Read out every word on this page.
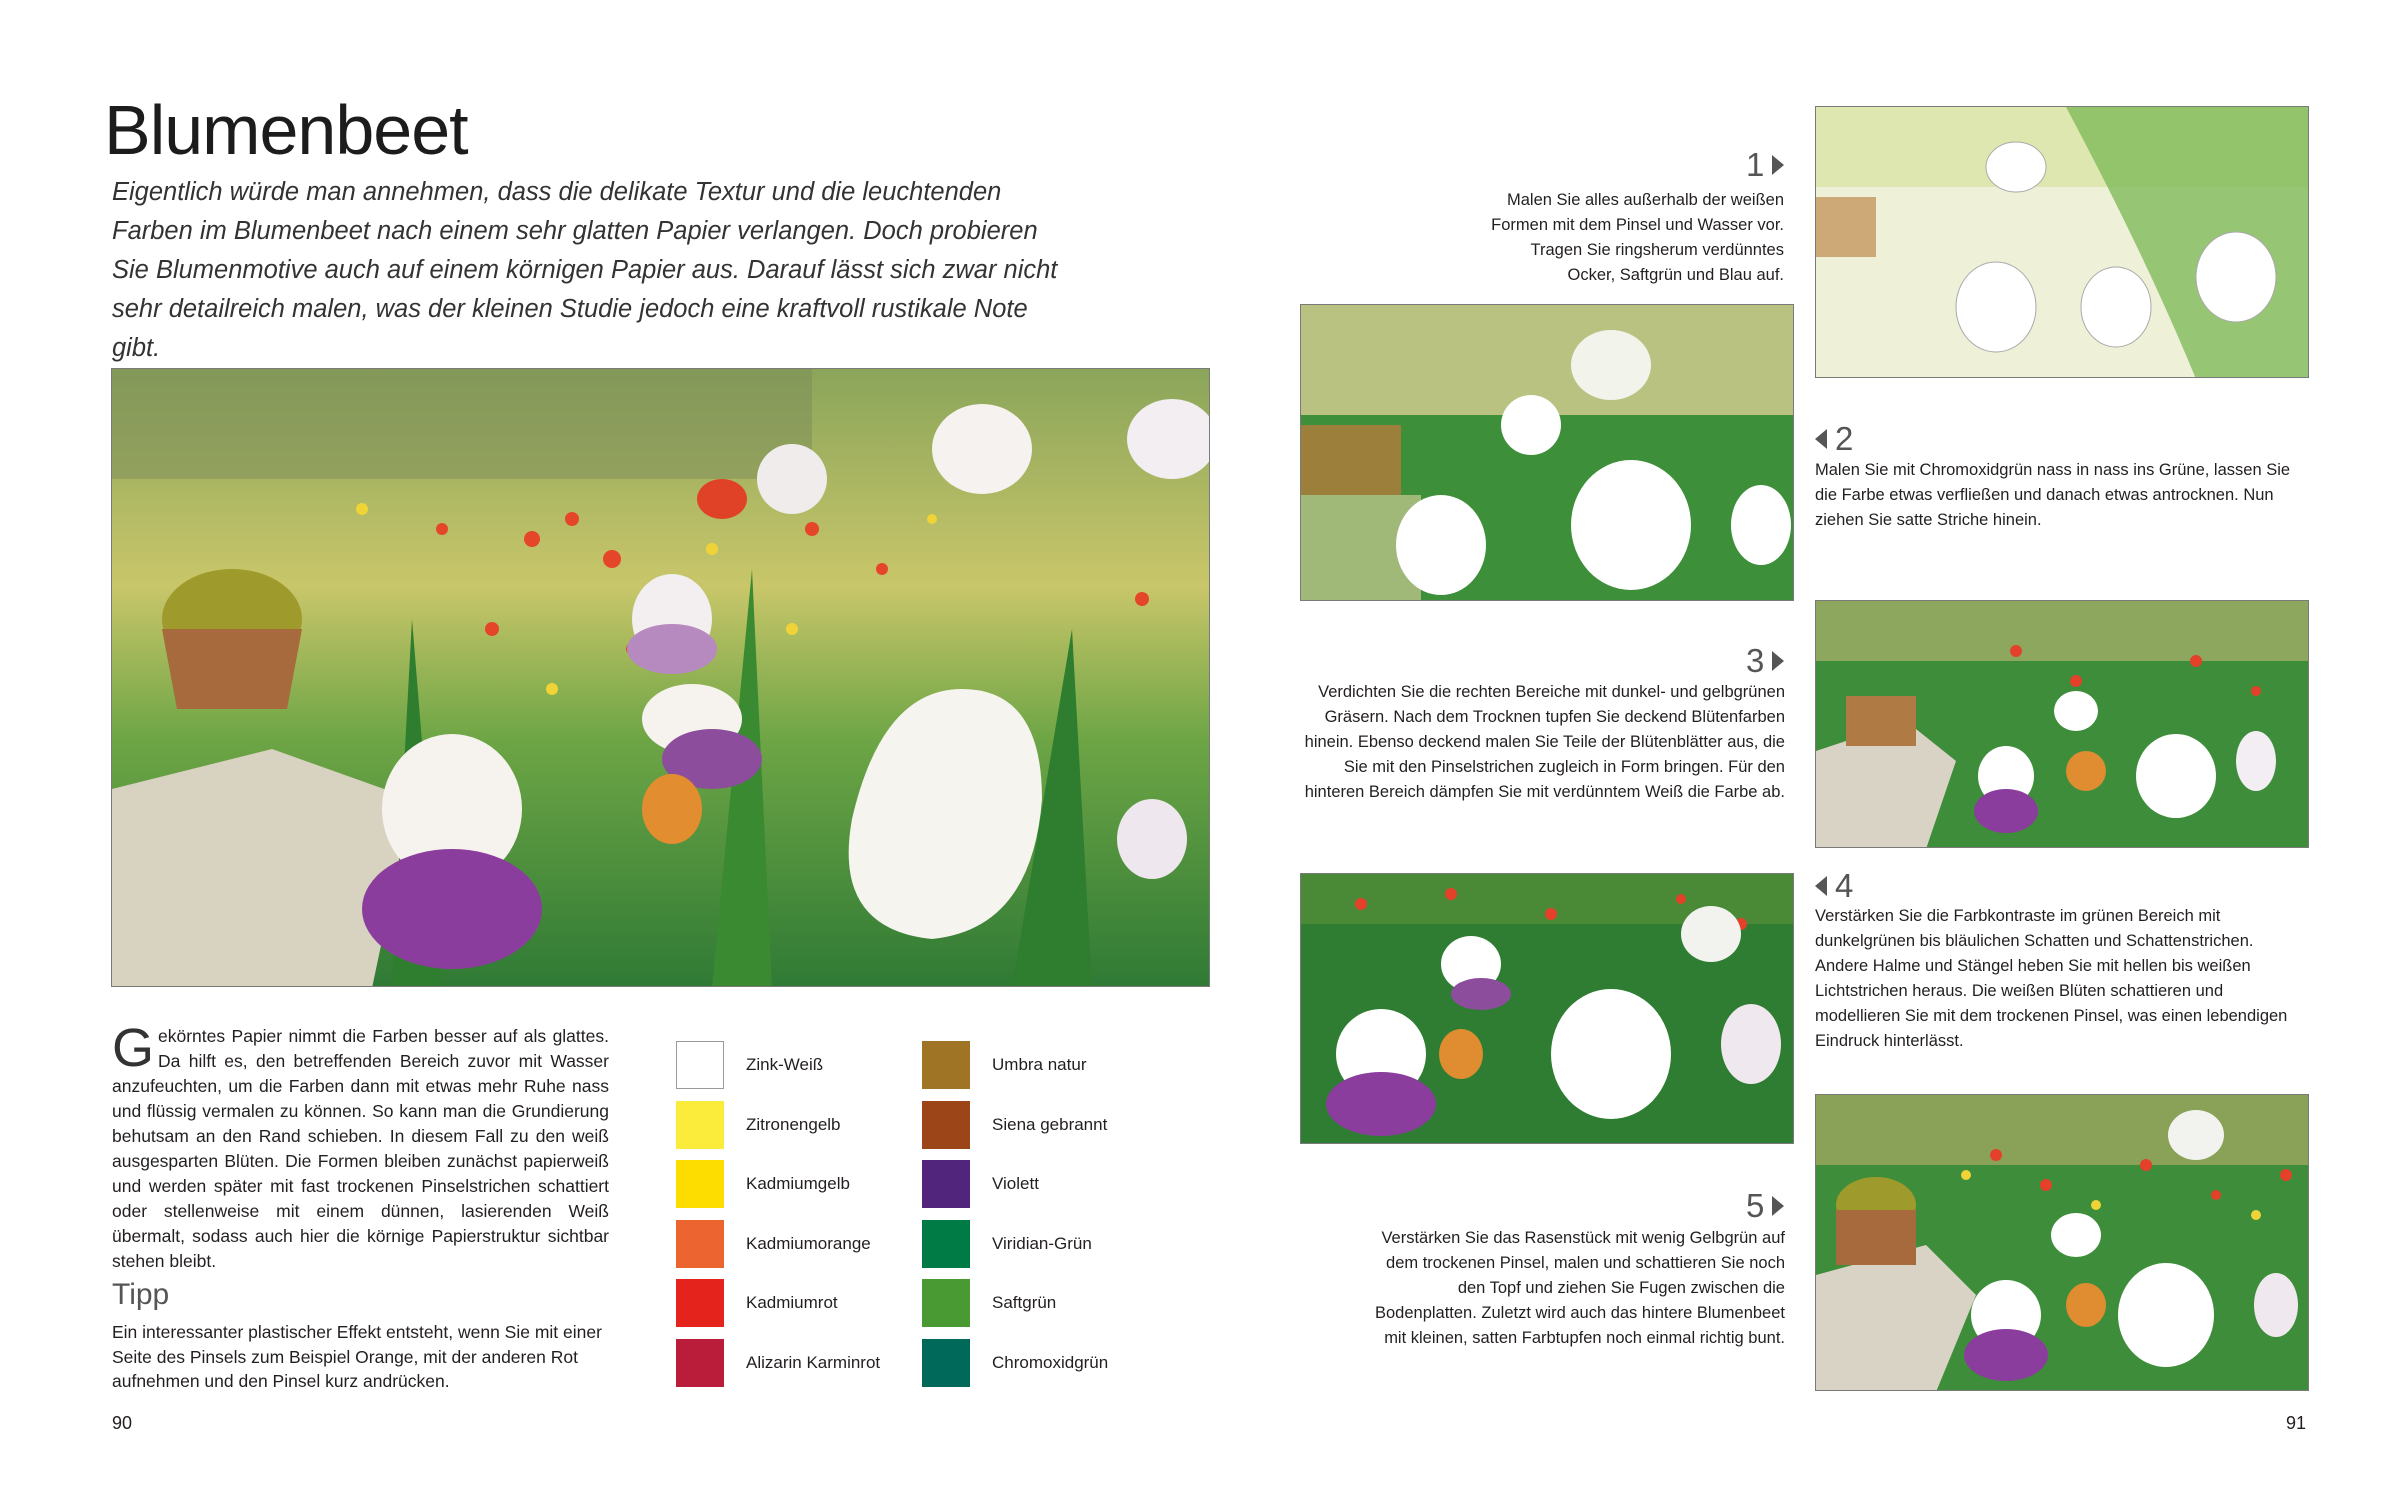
Blumenbeet
Eigentlich würde man annehmen, dass die delikate Textur und die leuchtenden Farben im Blumenbeet nach einem sehr glatten Papier verlangen. Doch probieren Sie Blumenmotive auch auf einem körnigen Papier aus. Darauf lässt sich zwar nicht sehr detailreich malen, was der kleinen Studie jedoch eine kraftvoll rustikale Note gibt.
Gekörntes Papier nimmt die Farben besser auf als glattes. Da hilft es, den betreffenden Bereich zuvor mit Wasser anzufeuchten, um die Farben dann mit etwas mehr Ruhe nass und flüssig vermalen zu können. So kann man die Grundierung behutsam an den Rand schieben. In diesem Fall zu den weiß ausgesparten Blüten. Die Formen bleiben zunächst papierweiß und werden später mit fast trockenen Pinselstrichen schattiert oder stellenweise mit einem dünnen, lasierenden Weiß übermalt, sodass auch hier die körnige Papierstruktur sichtbar stehen bleibt.
Tipp
Ein interessanter plastischer Effekt entsteht, wenn Sie mit einer Seite des Pinsels zum Beispiel Orange, mit der anderen Rot aufnehmen und den Pinsel kurz andrücken.
90
Zink-Weiß
Zitronengelb
Kadmiumgelb
Kadmiumorange
Kadmiumrot
Alizarin Karminrot
Umbra natur
Siena gebrannt
Violett
Viridian-Grün
Saftgrün
Chromoxidgrün
1
2
3
4
5
Malen Sie alles außerhalb der weißen Formen mit dem Pinsel und Wasser vor. Tragen Sie ringsherum verdünntes Ocker, Saftgrün und Blau auf.
Malen Sie mit Chromoxidgrün nass in nass ins Grüne, lassen Sie die Farbe etwas verfließen und danach etwas antrocknen. Nun ziehen Sie satte Striche hinein.
Verdichten Sie die rechten Bereiche mit dunkel- und gelbgrünen Gräsern. Nach dem Trocknen tupfen Sie deckend Blütenfarben hinein. Ebenso deckend malen Sie Teile der Blütenblätter aus, die Sie mit den Pinselstrichen zugleich in Form bringen. Für den hinteren Bereich dämpfen Sie mit verdünntem Weiß die Farbe ab.
Verstärken Sie die Farbkontraste im grünen Bereich mit dunkelgrünen bis bläulichen Schatten und Schattenstrichen. Andere Halme und Stängel heben Sie mit hellen bis weißen Lichtstrichen heraus. Die weißen Blüten schattieren und modellieren Sie mit dem trockenen Pinsel, was einen lebendigen Eindruck hinterlässt.
Verstärken Sie das Rasenstück mit wenig Gelbgrün auf dem trockenen Pinsel, malen und schattieren Sie noch den Topf und ziehen Sie Fugen zwischen die Bodenplatten. Zuletzt wird auch das hintere Blumenbeet mit kleinen, satten Farbtupfen noch einmal richtig bunt.
91
